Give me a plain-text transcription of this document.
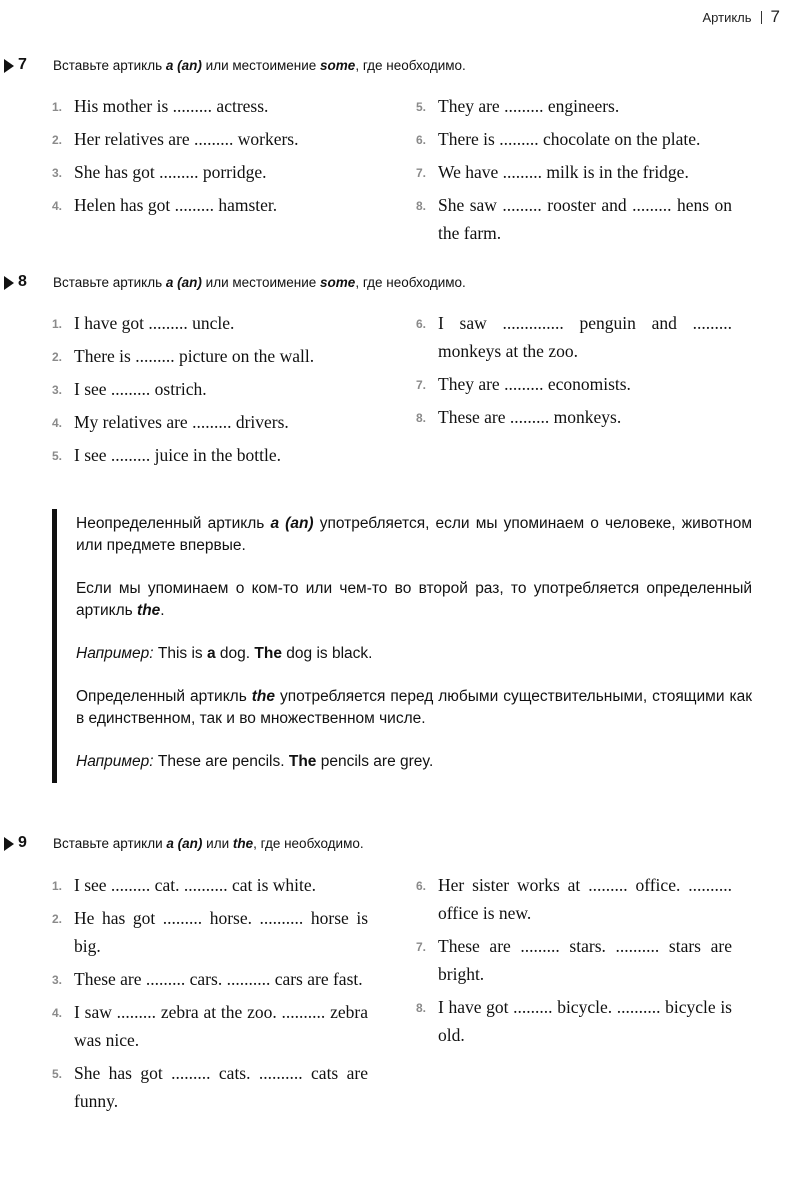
Артикль 7
7 Вставьте артикль a (an) или местоимение some, где необходимо.
1. His mother is ......... actress.
2. Her relatives are ......... workers.
3. She has got ......... porridge.
4. Helen has got ......... hamster.
5. They are ......... engineers.
6. There is ......... chocolate on the plate.
7. We have ......... milk is in the fridge.
8. She saw ......... rooster and ......... hens on the farm.
8 Вставьте артикль a (an) или местоимение some, где необходимо.
1. I have got ......... uncle.
2. There is ......... picture on the wall.
3. I see ......... ostrich.
4. My relatives are ......... drivers.
5. I see ......... juice in the bottle.
6. I saw .............. penguin and ......... monkeys at the zoo.
7. They are ......... economists.
8. These are ......... monkeys.

Неопределенный артикль a (an) употребляется, если мы упоминаем о человеке, животном или предмете впервые.

Если мы упоминаем о ком-то или чем-то во второй раз, то употребляется определенный артикль the.

Например: This is a dog. The dog is black.

Определенный артикль the употребляется перед любыми существительными, стоящими как в единственном, так и во множественном числе.

Например: These are pencils. The pencils are grey.

9 Вставьте артикли a (an) или the, где необходимо.
1. I see ......... cat. .......... cat is white.
2. He has got ......... horse. .......... horse is big.
3. These are ......... cars. .......... cars are fast.
4. I saw ......... zebra at the zoo. .......... zebra was nice.
5. She has got ......... cats. .......... cats are funny.
6. Her sister works at ......... office. .......... office is new.
7. These are ......... stars. .......... stars are bright.
8. I have got ......... bicycle. .......... bicycle is old.
